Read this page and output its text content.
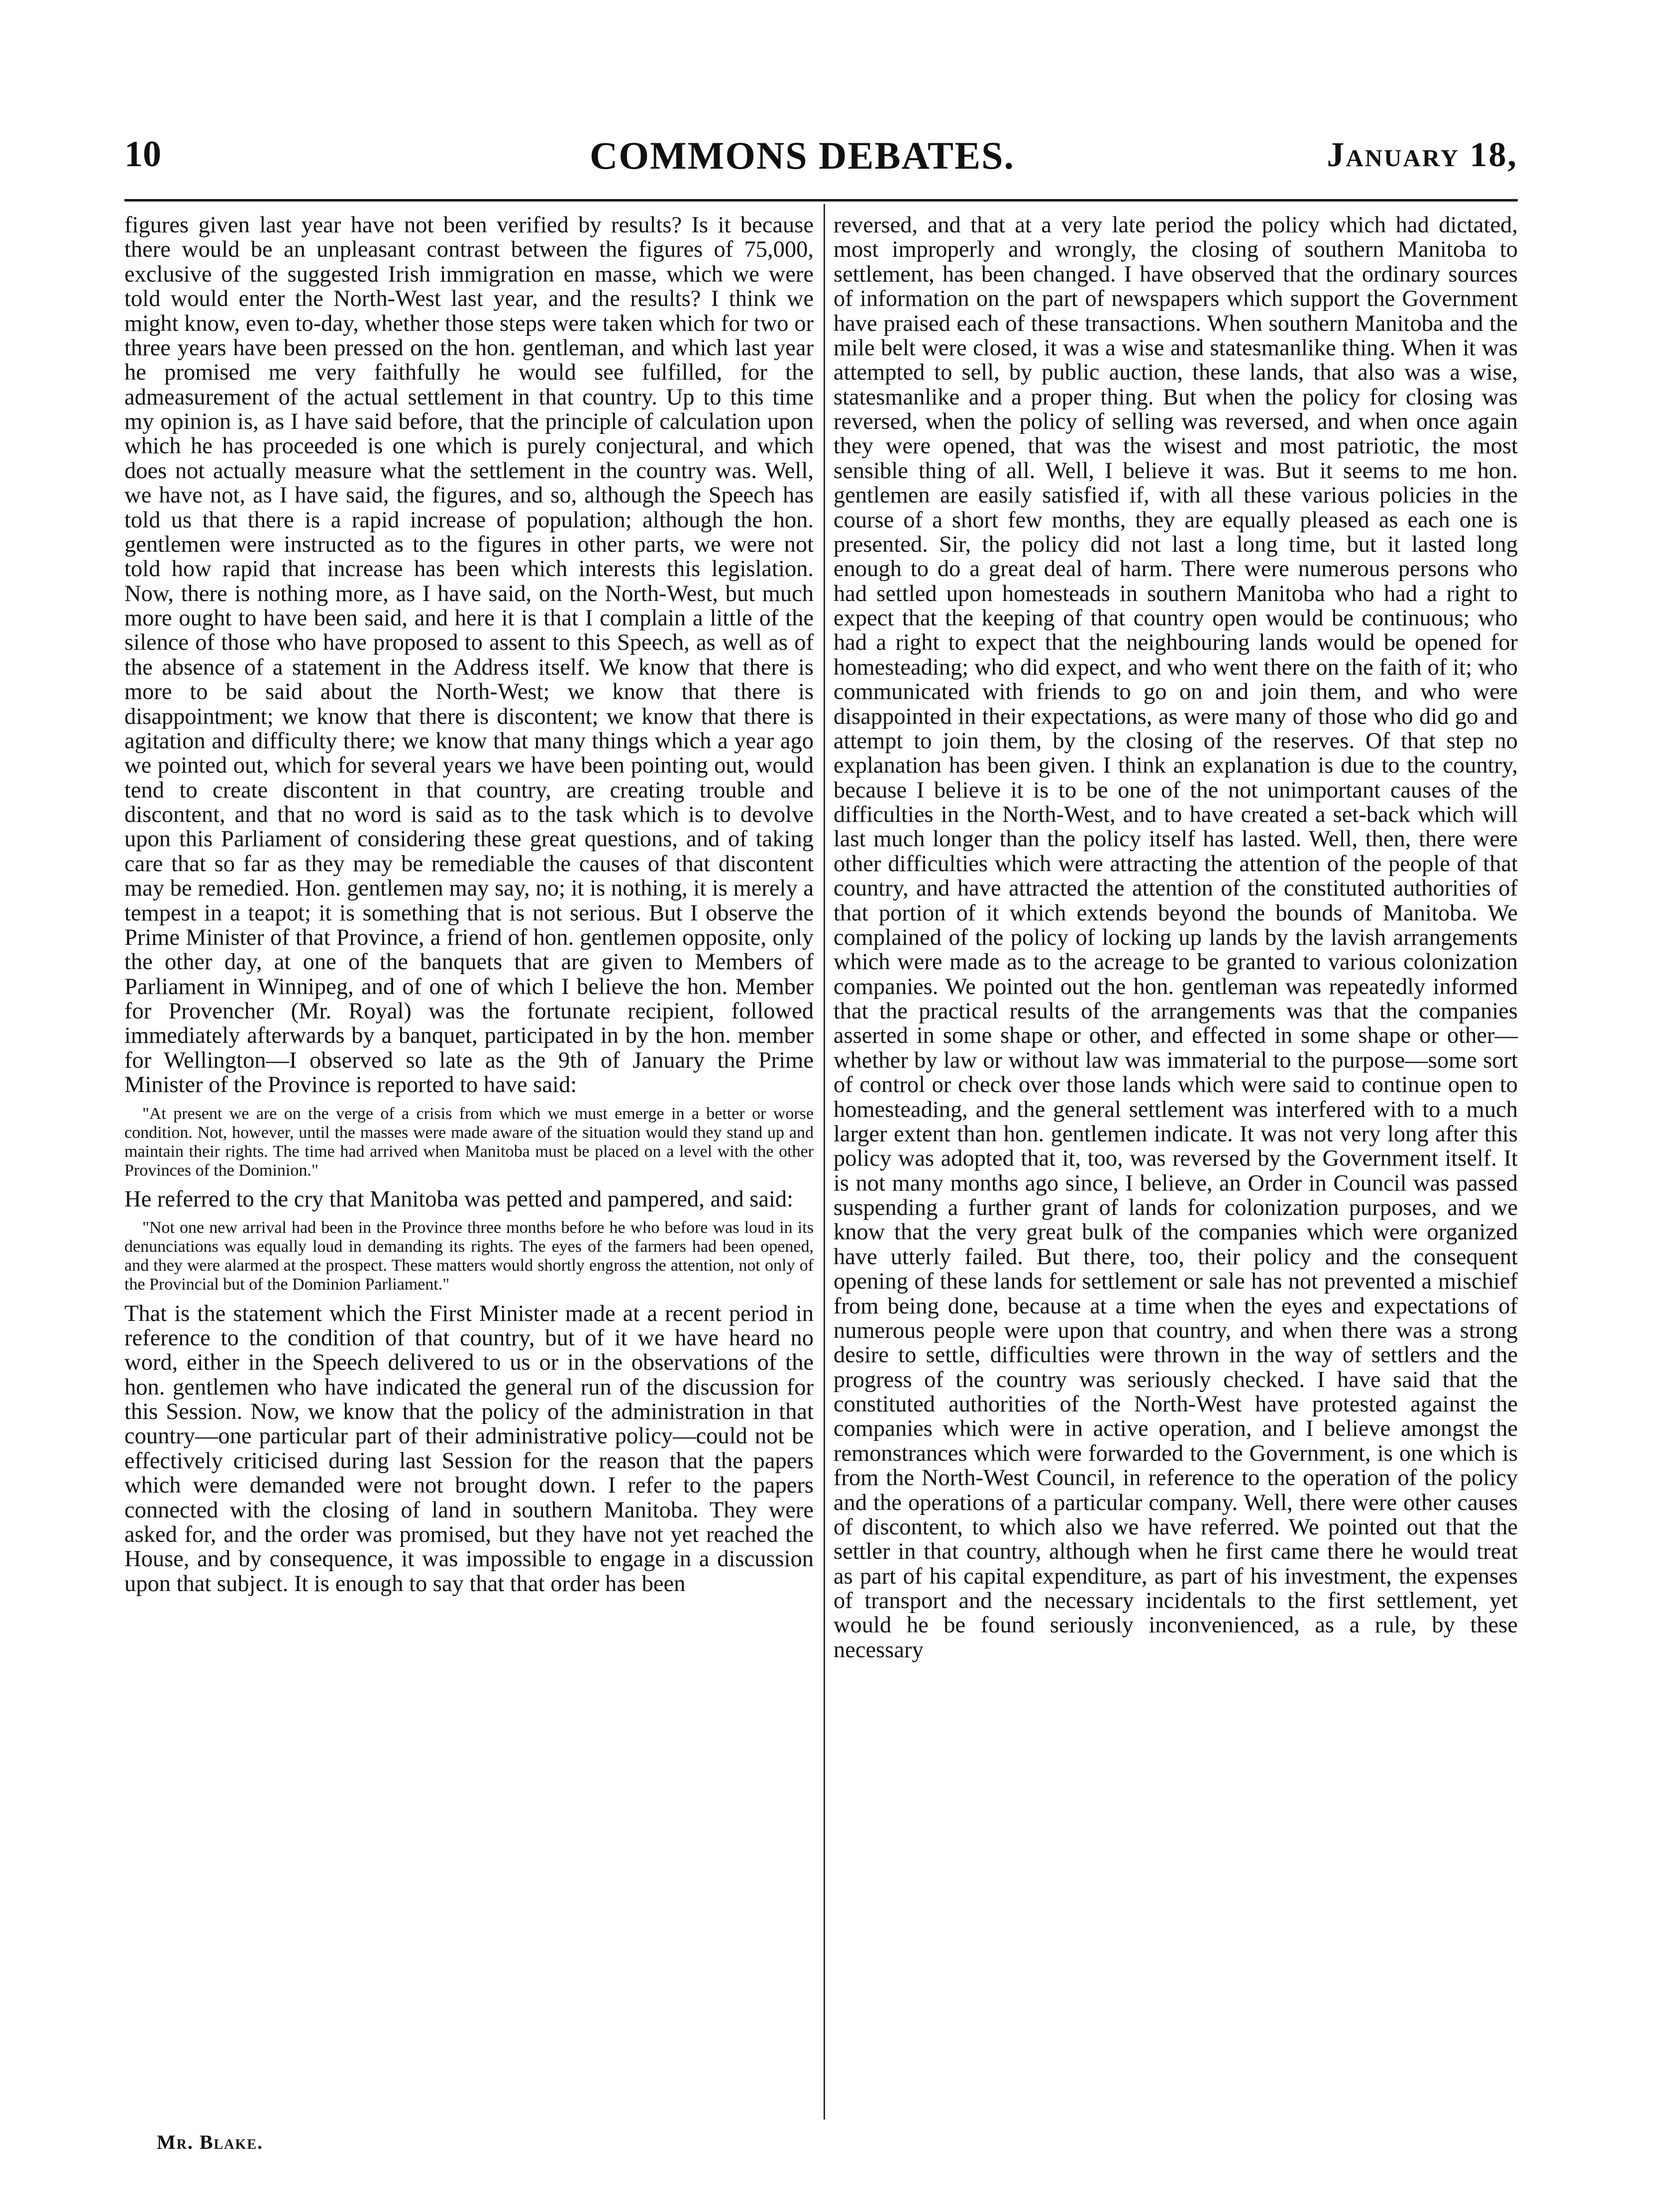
10	COMMONS DEBATES.	January 18,

figures given last year have not been verified by results? Is it because there would be an unpleasant contrast between the figures of 75,000, exclusive of the suggested Irish immigration en masse, which we were told would enter the North-West last year, and the results? I think we might know, even to-day, whether those steps were taken which for two or three years have been pressed on the hon. gentleman, and which last year he promised me very faithfully he would see fulfilled, for the admeasurement of the actual settlement in that country. Up to this time my opinion is, as I have said before, that the principle of calculation upon which he has proceeded is one which is purely conjectural, and which does not actually measure what the settlement in the country was. Well, we have not, as I have said, the figures, and so, although the Speech has told us that there is a rapid increase of population; although the hon. gentlemen were instructed as to the figures in other parts, we were not told how rapid that increase has been which interests this legislation. Now, there is nothing more, as I have said, on the North-West, but much more ought to have been said, and here it is that I complain a little of the silence of those who have proposed to assent to this Speech, as well as of the absence of a statement in the Address itself. We know that there is more to be said about the North-West; we know that there is disappointment; we know that there is discontent; we know that there is agitation and difficulty there; we know that many things which a year ago we pointed out, which for several years we have been pointing out, would tend to create discontent in that country, are creating trouble and discontent, and that no word is said as to the task which is to devolve upon this Parliament of considering these great questions, and of taking care that so far as they may be remediable the causes of that discontent may be remedied. Hon. gentlemen may say, no; it is nothing, it is merely a tempest in a teapot; it is something that is not serious. But I observe the Prime Minister of that Province, a friend of hon. gentlemen opposite, only the other day, at one of the banquets that are given to Members of Parliament in Winnipeg, and of one of which I believe the hon. Member for Provencher (Mr. Royal) was the fortunate recipient, followed immediately afterwards by a banquet, participated in by the hon. member for Wellington—I observed so late as the 9th of January the Prime Minister of the Province is reported to have said:

"At present we are on the verge of a crisis from which we must emerge in a better or worse condition. Not, however, until the masses were made aware of the situation would they stand up and maintain their rights. The time had arrived when Manitoba must be placed on a level with the other Provinces of the Dominion."

He referred to the cry that Manitoba was petted and pampered, and said:

"Not one new arrival had been in the Province three months before he who before was loud in its denunciations was equally loud in demanding its rights. The eyes of the farmers had been opened, and they were alarmed at the prospect. These matters would shortly engross the attention, not only of the Provincial but of the Dominion Parliament."

That is the statement which the First Minister made at a recent period in reference to the condition of that country, but of it we have heard no word, either in the Speech delivered to us or in the observations of the hon. gentlemen who have indicated the general run of the discussion for this Session. Now, we know that the policy of the administration in that country—one particular part of their administrative policy—could not be effectively criticised during last Session for the reason that the papers which were demanded were not brought down. I refer to the papers connected with the closing of land in southern Manitoba. They were asked for, and the order was promised, but they have not yet reached the House, and by consequence, it was impossible to engage in a discussion upon that subject. It is enough to say that that order has been

reversed, and that at a very late period the policy which had dictated, most improperly and wrongly, the closing of southern Manitoba to settlement, has been changed. I have observed that the ordinary sources of information on the part of newspapers which support the Government have praised each of these transactions. When southern Manitoba and the mile belt were closed, it was a wise and statesmanlike thing. When it was attempted to sell, by public auction, these lands, that also was a wise, statesmanlike and a proper thing. But when the policy for closing was reversed, when the policy of selling was reversed, and when once again they were opened, that was the wisest and most patriotic, the most sensible thing of all. Well, I believe it was. But it seems to me hon. gentlemen are easily satisfied if, with all these various policies in the course of a short few months, they are equally pleased as each one is presented. Sir, the policy did not last a long time, but it lasted long enough to do a great deal of harm. There were numerous persons who had settled upon homesteads in southern Manitoba who had a right to expect that the keeping of that country open would be continuous; who had a right to expect that the neighbouring lands would be opened for homesteading; who did expect, and who went there on the faith of it; who communicated with friends to go on and join them, and who were disappointed in their expectations, as were many of those who did go and attempt to join them, by the closing of the reserves. Of that step no explanation has been given. I think an explanation is due to the country, because I believe it is to be one of the not unimportant causes of the difficulties in the North-West, and to have created a set-back which will last much longer than the policy itself has lasted. Well, then, there were other difficulties which were attracting the attention of the people of that country, and have attracted the attention of the constituted authorities of that portion of it which extends beyond the bounds of Manitoba. We complained of the policy of locking up lands by the lavish arrangements which were made as to the acreage to be granted to various colonization companies. We pointed out the hon. gentleman was repeatedly informed that the practical results of the arrangements was that the companies asserted in some shape or other, and effected in some shape or other—whether by law or without law was immaterial to the purpose—some sort of control or check over those lands which were said to continue open to homesteading, and the general settlement was interfered with to a much larger extent than hon. gentlemen indicate. It was not very long after this policy was adopted that it, too, was reversed by the Government itself. It is not many months ago since, I believe, an Order in Council was passed suspending a further grant of lands for colonization purposes, and we know that the very great bulk of the companies which were organized have utterly failed. But there, too, their policy and the consequent opening of these lands for settlement or sale has not prevented a mischief from being done, because at a time when the eyes and expectations of numerous people were upon that country, and when there was a strong desire to settle, difficulties were thrown in the way of settlers and the progress of the country was seriously checked. I have said that the constituted authorities of the North-West have protested against the companies which were in active operation, and I believe amongst the remonstrances which were forwarded to the Government, is one which is from the North-West Council, in reference to the operation of the policy and the operations of a particular company. Well, there were other causes of discontent, to which also we have referred. We pointed out that the settler in that country, although when he first came there he would treat as part of his capital expenditure, as part of his investment, the expenses of transport and the necessary incidentals to the first settlement, yet would he be found seriously inconvenienced, as a rule, by these necessary

Mr. Blake.
